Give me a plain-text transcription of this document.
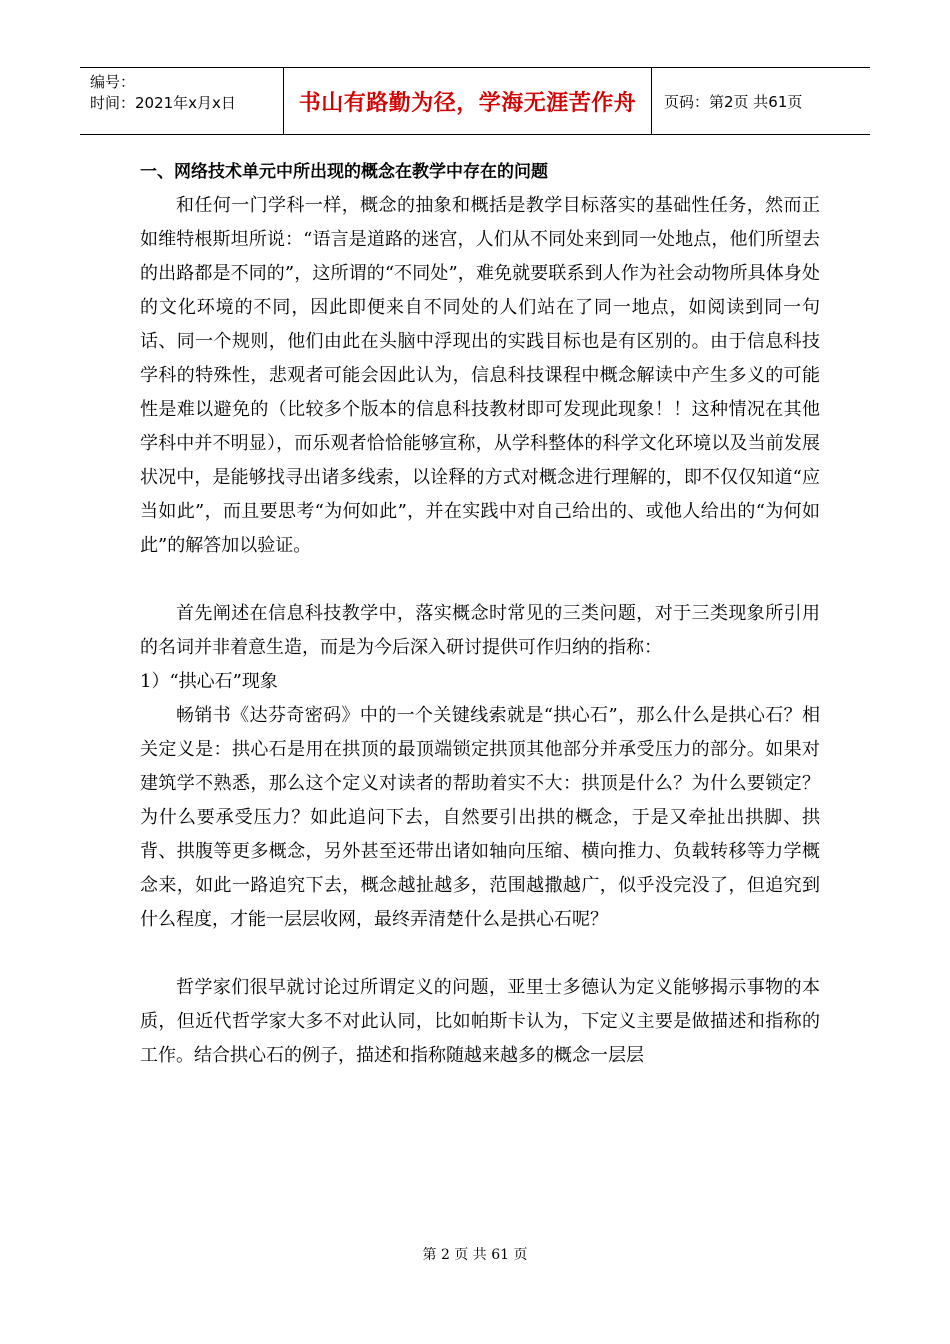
编号：
时间：2021年x月x日	书山有路勤为径，学海无涯苦作舟	页码：第2页 共61页
一、网络技术单元中所出现的概念在教学中存在的问题

和任何一门学科一样，概念的抽象和概括是教学目标落实的基础性任务，然而正如维特根斯坦所说：“语言是道路的迷宫，人们从不同处来到同一处地点，他们所望去的出路都是不同的”，这所谓的“不同处”，难免就要联系到人作为社会动物所具体身处的文化环境的不同，因此即便来自不同处的人们站在了同一地点，如阅读到同一句话、同一个规则，他们由此在头脑中浮现出的实践目标也是有区别的。由于信息科技学科的特殊性，悲观者可能会因此认为，信息科技课程中概念解读中产生多义的可能性是难以避免的（比较多个版本的信息科技教材即可发现此现象！！这种情况在其他学科中并不明显），而乐观者恰恰能够宣称，从学科整体的科学文化环境以及当前发展状况中，是能够找寻出诸多线索，以诠释的方式对概念进行理解的，即不仅仅知道“应当如此”，而且要思考“为何如此”，并在实践中对自己给出的、或他人给出的“为何如此”的解答加以验证。

首先阐述在信息科技教学中，落实概念时常见的三类问题，对于三类现象所引用的名词并非着意生造，而是为今后深入研讨提供可作归纳的指称：

1）“拱心石”现象

畅销书《达芬奇密码》中的一个关键线索就是“拱心石”，那么什么是拱心石？相关定义是：拱心石是用在拱顶的最顶端锁定拱顶其他部分并承受压力的部分。如果对建筑学不熟悉，那么这个定义对读者的帮助着实不大：拱顶是什么？为什么要锁定？为什么要承受压力？如此追问下去，自然要引出拱的概念，于是又牵扯出拱脚、拱背、拱腹等更多概念，另外甚至还带出诸如轴向压缩、横向推力、负载转移等力学概念来，如此一路追究下去，概念越扯越多，范围越撒越广，似乎没完没了，但追究到什么程度，才能一层层收网，最终弄清楚什么是拱心石呢？

哲学家们很早就讨论过所谓定义的问题，亚里士多德认为定义能够揭示事物的本质，但近代哲学家大多不对此认同，比如帕斯卡认为，下定义主要是做描述和指称的工作。结合拱心石的例子，描述和指称随越来越多的概念一层层

第 2 页 共 61 页
